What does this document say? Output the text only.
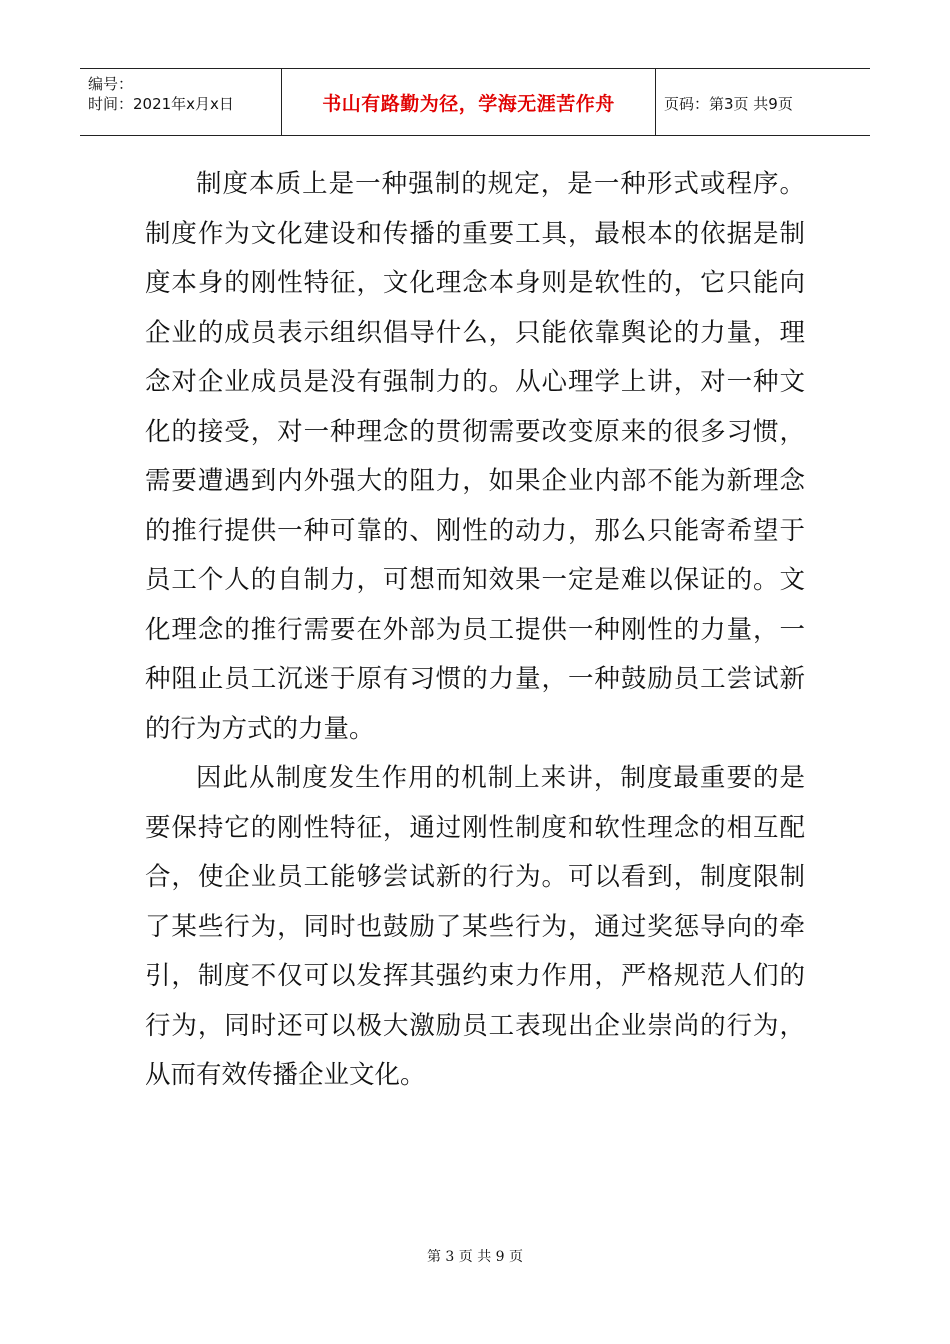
编号：
时间：2021年x月x日	书山有路勤为径，学海无涯苦作舟	页码：第3页 共9页

制度本质上是一种强制的规定，是一种形式或程序。制度作为文化建设和传播的重要工具，最根本的依据是制度本身的刚性特征，文化理念本身则是软性的，它只能向企业的成员表示组织倡导什么，只能依靠舆论的力量，理念对企业成员是没有强制力的。从心理学上讲，对一种文化的接受，对一种理念的贯彻需要改变原来的很多习惯，需要遭遇到内外强大的阻力，如果企业内部不能为新理念的推行提供一种可靠的、刚性的动力，那么只能寄希望于员工个人的自制力，可想而知效果一定是难以保证的。文化理念的推行需要在外部为员工提供一种刚性的力量，一种阻止员工沉迷于原有习惯的力量，一种鼓励员工尝试新的行为方式的力量。

因此从制度发生作用的机制上来讲，制度最重要的是要保持它的刚性特征，通过刚性制度和软性理念的相互配合，使企业员工能够尝试新的行为。可以看到，制度限制了某些行为，同时也鼓励了某些行为，通过奖惩导向的牵引，制度不仅可以发挥其强约束力作用，严格规范人们的行为，同时还可以极大激励员工表现出企业崇尚的行为，从而有效传播企业文化。

第 3 页 共 9 页
